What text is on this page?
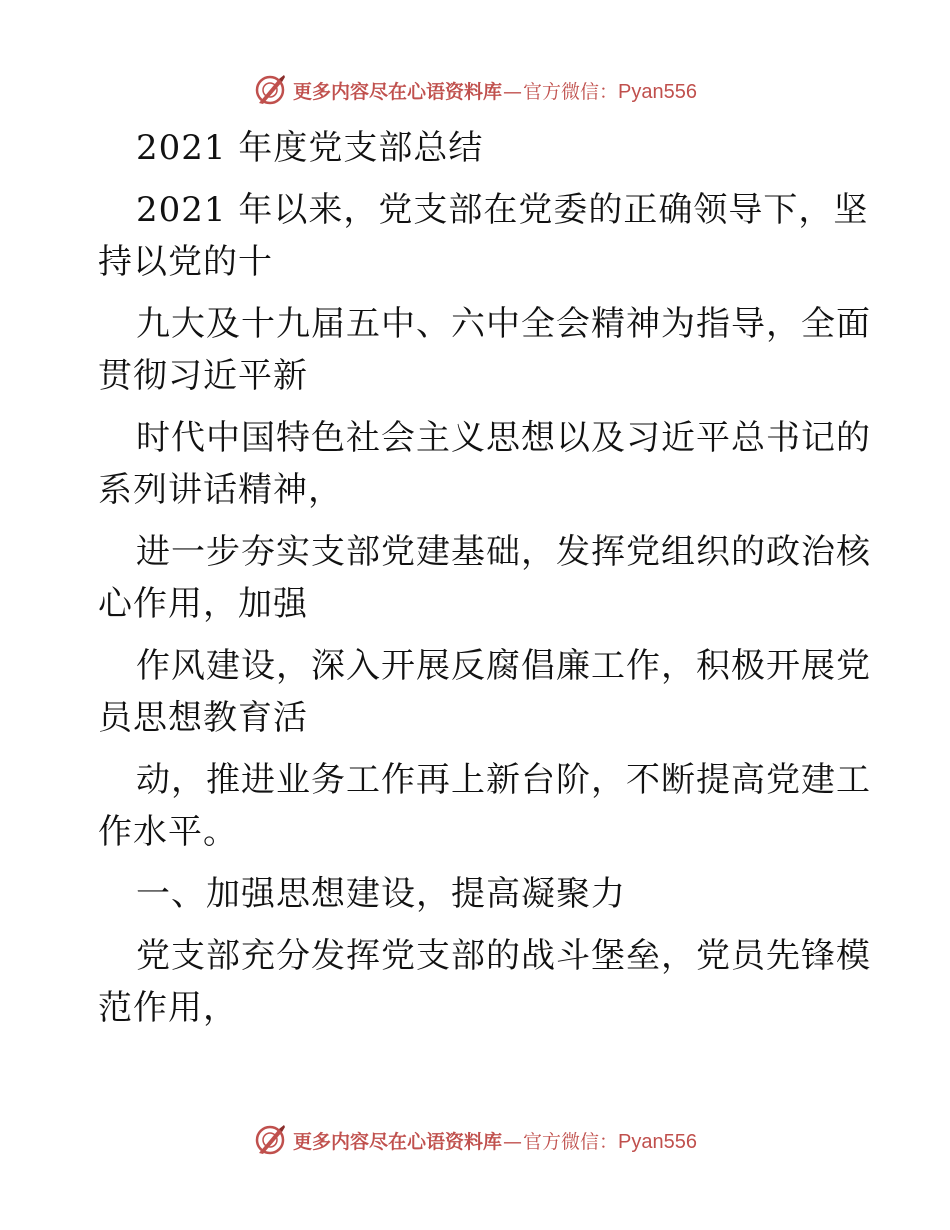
更多内容尽在心语资料库 — 官方微信： Pyan556
2021 年度党支部总结
2021 年以来，党支部在党委的正确领导下，坚
持以党的十
九大及十九届五中、六中全会精神为指导，全面
贯彻习近平新
时代中国特色社会主义思想以及习近平总书记的
系列讲话精神，
进一步夯实支部党建基础，发挥党组织的政治核
心作用，加强
作风建设，深入开展反腐倡廉工作，积极开展党
员思想教育活
动，推进业务工作再上新台阶，不断提高党建工
作水平。
一、加强思想建设，提高凝聚力
党支部充分发挥党支部的战斗堡垒，党员先锋模
范作用，
更多内容尽在心语资料库 — 官方微信： Pyan556
